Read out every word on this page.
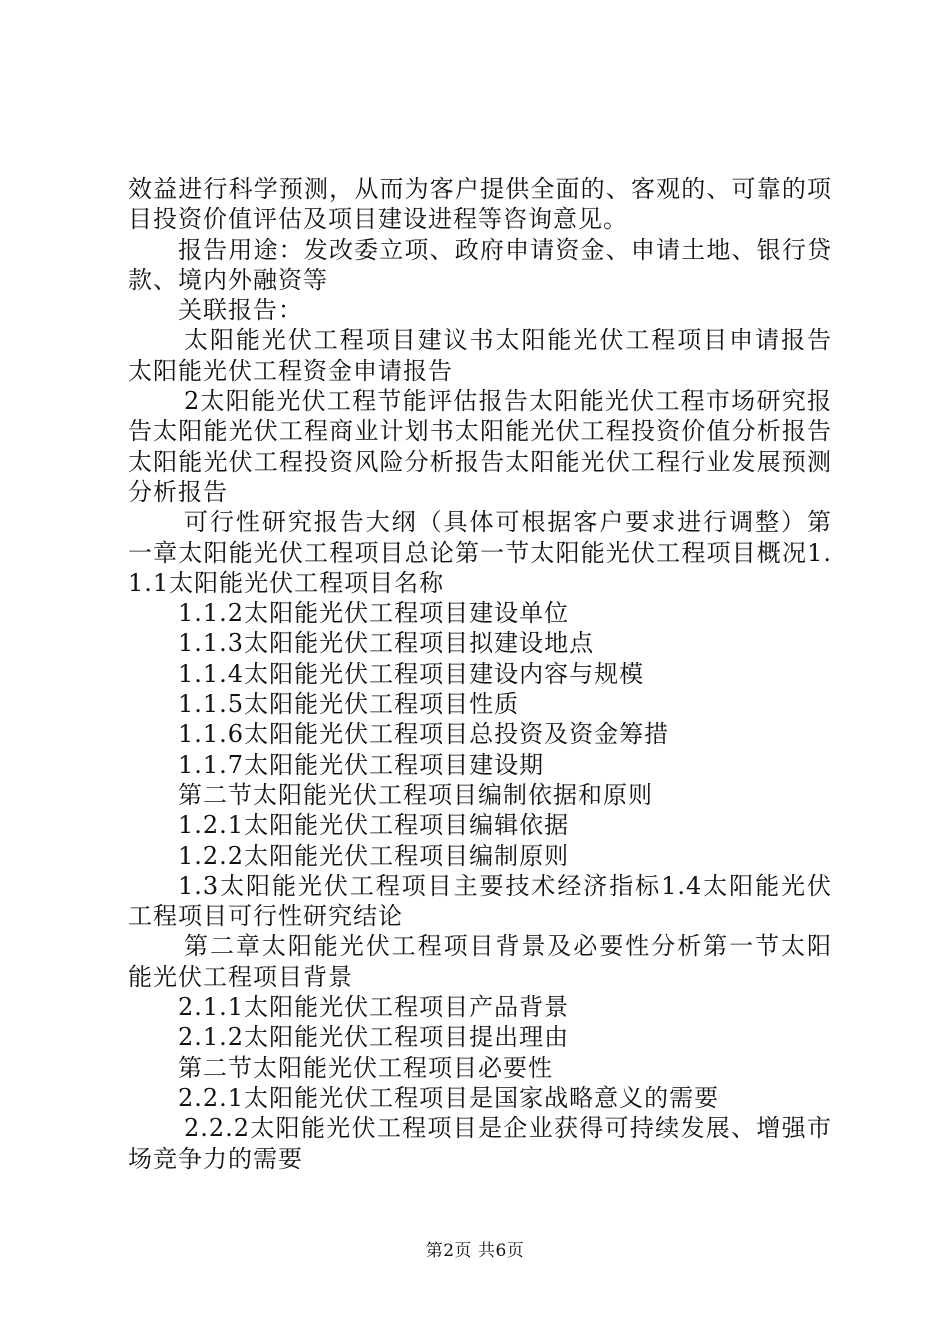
效益进行科学预测，从而为客户提供全面的、客观的、可靠的项目投资价值评估及项目建设进程等咨询意见。

报告用途：发改委立项、政府申请资金、申请土地、银行贷款、境内外融资等

关联报告：

太阳能光伏工程项目建议书太阳能光伏工程项目申请报告太阳能光伏工程资金申请报告

2太阳能光伏工程节能评估报告太阳能光伏工程市场研究报告太阳能光伏工程商业计划书太阳能光伏工程投资价值分析报告太阳能光伏工程投资风险分析报告太阳能光伏工程行业发展预测分析报告

可行性研究报告大纲（具体可根据客户要求进行调整）第一章太阳能光伏工程项目总论第一节太阳能光伏工程项目概况1.1.1太阳能光伏工程项目名称

1.1.2太阳能光伏工程项目建设单位

1.1.3太阳能光伏工程项目拟建设地点

1.1.4太阳能光伏工程项目建设内容与规模

1.1.5太阳能光伏工程项目性质

1.1.6太阳能光伏工程项目总投资及资金筹措

1.1.7太阳能光伏工程项目建设期

第二节太阳能光伏工程项目编制依据和原则

1.2.1太阳能光伏工程项目编辑依据

1.2.2太阳能光伏工程项目编制原则

1.3太阳能光伏工程项目主要技术经济指标1.4太阳能光伏工程项目可行性研究结论

第二章太阳能光伏工程项目背景及必要性分析第一节太阳能光伏工程项目背景

2.1.1太阳能光伏工程项目产品背景

2.1.2太阳能光伏工程项目提出理由

第二节太阳能光伏工程项目必要性

2.2.1太阳能光伏工程项目是国家战略意义的需要

2.2.2太阳能光伏工程项目是企业获得可持续发展、增强市场竞争力的需要

第2页 共6页
